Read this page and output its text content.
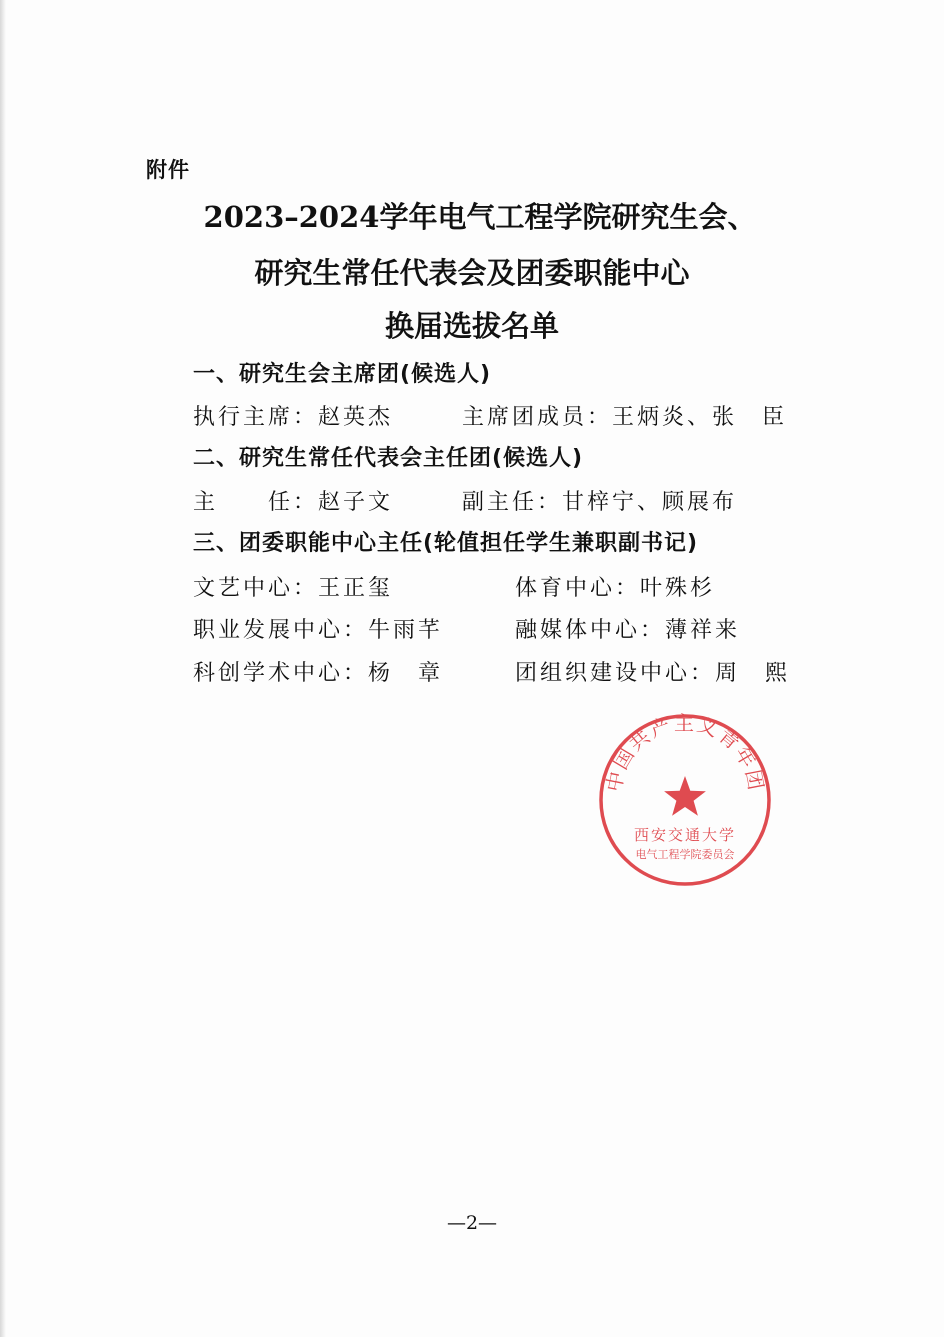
附件
2023–2024学年电气工程学院研究生会、
研究生常任代表会及团委职能中心
换届选拔名单
一、研究生会主席团(候选人)
执行主席：赵英杰	主席团成员：王炳炎、张　臣
二、研究生常任代表会主任团(候选人)
主　　任：赵子文	副主任：甘梓宁、顾展布
三、团委职能中心主任(轮值担任学生兼职副书记)
文艺中心：王正玺	体育中心：叶殊杉
职业发展中心：牛雨芊	融媒体中心：薄祥来
科创学术中心：杨　章	团组织建设中心：周　熙
中国共产主义青年团
西安交通大学
电气工程学院委员会
—2—
